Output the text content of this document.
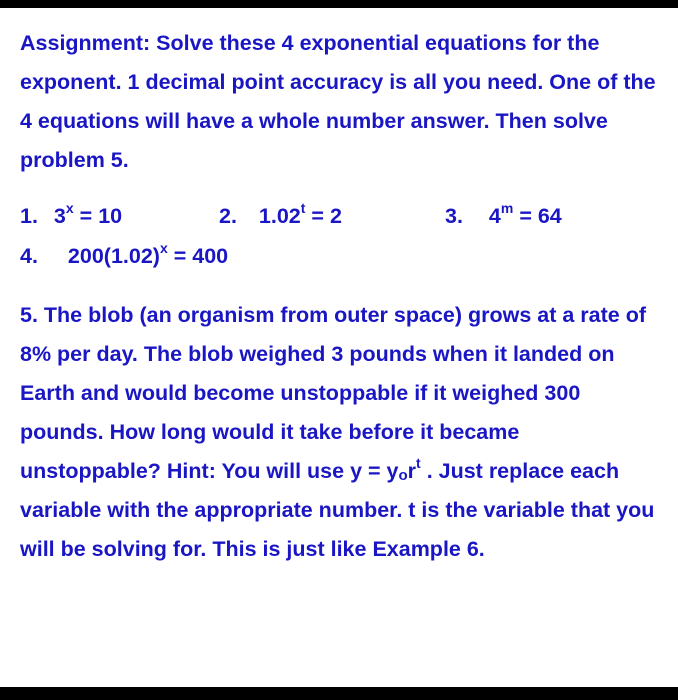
Assignment: Solve these 4 exponential equations for the exponent. 1 decimal point accuracy is all you need. One of the 4 equations will have a whole number answer. Then solve problem 5.

1. $3^x = 10$	2. $1.02^t = 2$	3. $4^m = 64$
4. $200(1.02)^x = 400$

5. The blob (an organism from outer space) grows at a rate of 8% per day. The blob weighed 3 pounds when it landed on Earth and would become unstoppable if it weighed 300 pounds. How long would it take before it became unstoppable? Hint: You will use $y = y_or^t$ . Just replace each variable with the appropriate number. t is the variable that you will be solving for. This is just like Example 6.
